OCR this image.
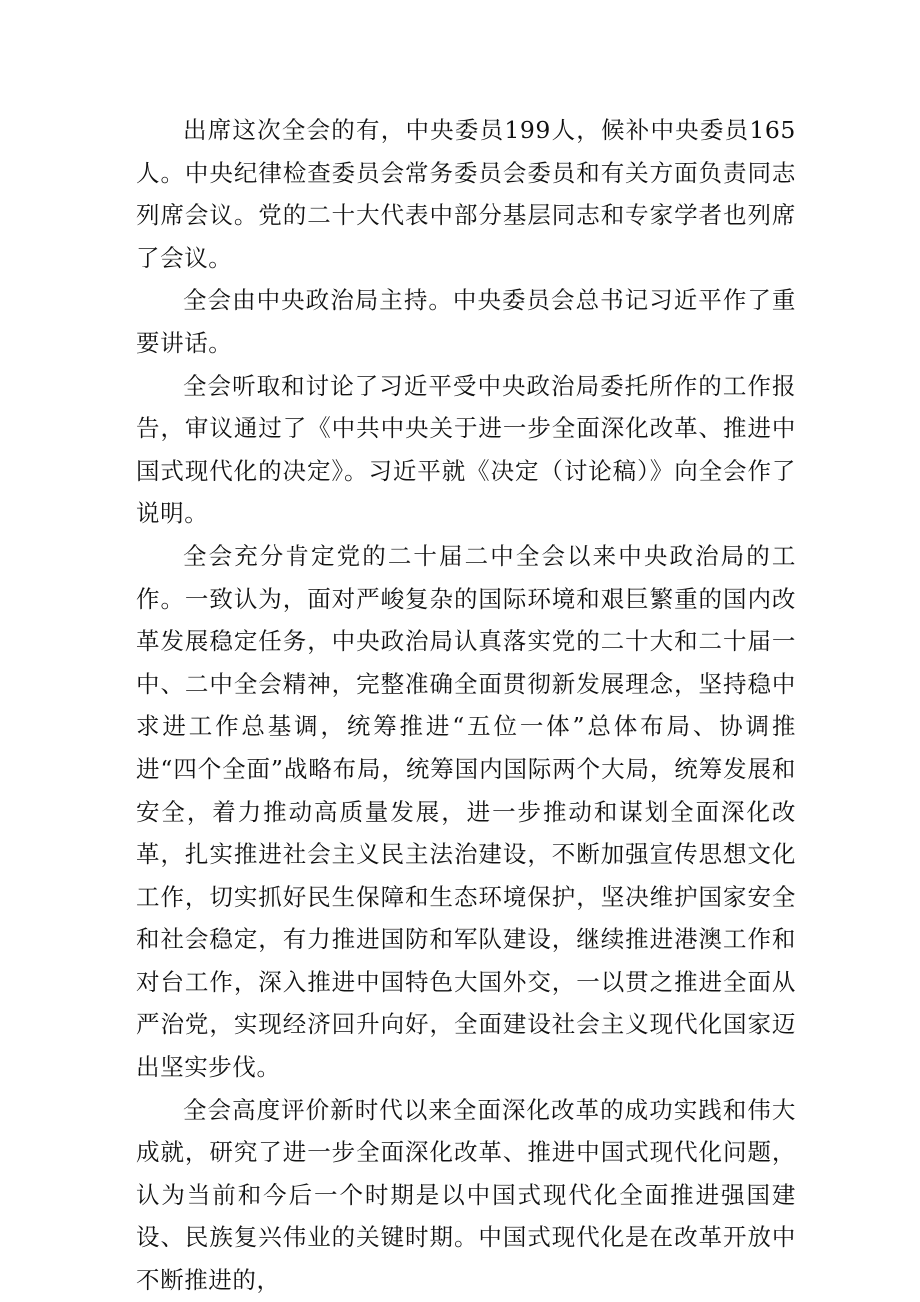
出席这次全会的有，中央委员199人，候补中央委员165人。中央纪律检查委员会常务委员会委员和有关方面负责同志列席会议。党的二十大代表中部分基层同志和专家学者也列席了会议。

全会由中央政治局主持。中央委员会总书记习近平作了重要讲话。

全会听取和讨论了习近平受中央政治局委托所作的工作报告，审议通过了《中共中央关于进一步全面深化改革、推进中国式现代化的决定》。习近平就《决定（讨论稿）》向全会作了说明。

全会充分肯定党的二十届二中全会以来中央政治局的工作。一致认为，面对严峻复杂的国际环境和艰巨繁重的国内改革发展稳定任务，中央政治局认真落实党的二十大和二十届一中、二中全会精神，完整准确全面贯彻新发展理念，坚持稳中求进工作总基调，统筹推进“五位一体”总体布局、协调推进“四个全面”战略布局，统筹国内国际两个大局，统筹发展和安全，着力推动高质量发展，进一步推动和谋划全面深化改革，扎实推进社会主义民主法治建设，不断加强宣传思想文化工作，切实抓好民生保障和生态环境保护，坚决维护国家安全和社会稳定，有力推进国防和军队建设，继续推进港澳工作和对台工作，深入推进中国特色大国外交，一以贯之推进全面从严治党，实现经济回升向好，全面建设社会主义现代化国家迈出坚实步伐。

全会高度评价新时代以来全面深化改革的成功实践和伟大成就，研究了进一步全面深化改革、推进中国式现代化问题，认为当前和今后一个时期是以中国式现代化全面推进强国建设、民族复兴伟业的关键时期。中国式现代化是在改革开放中不断推进的，
